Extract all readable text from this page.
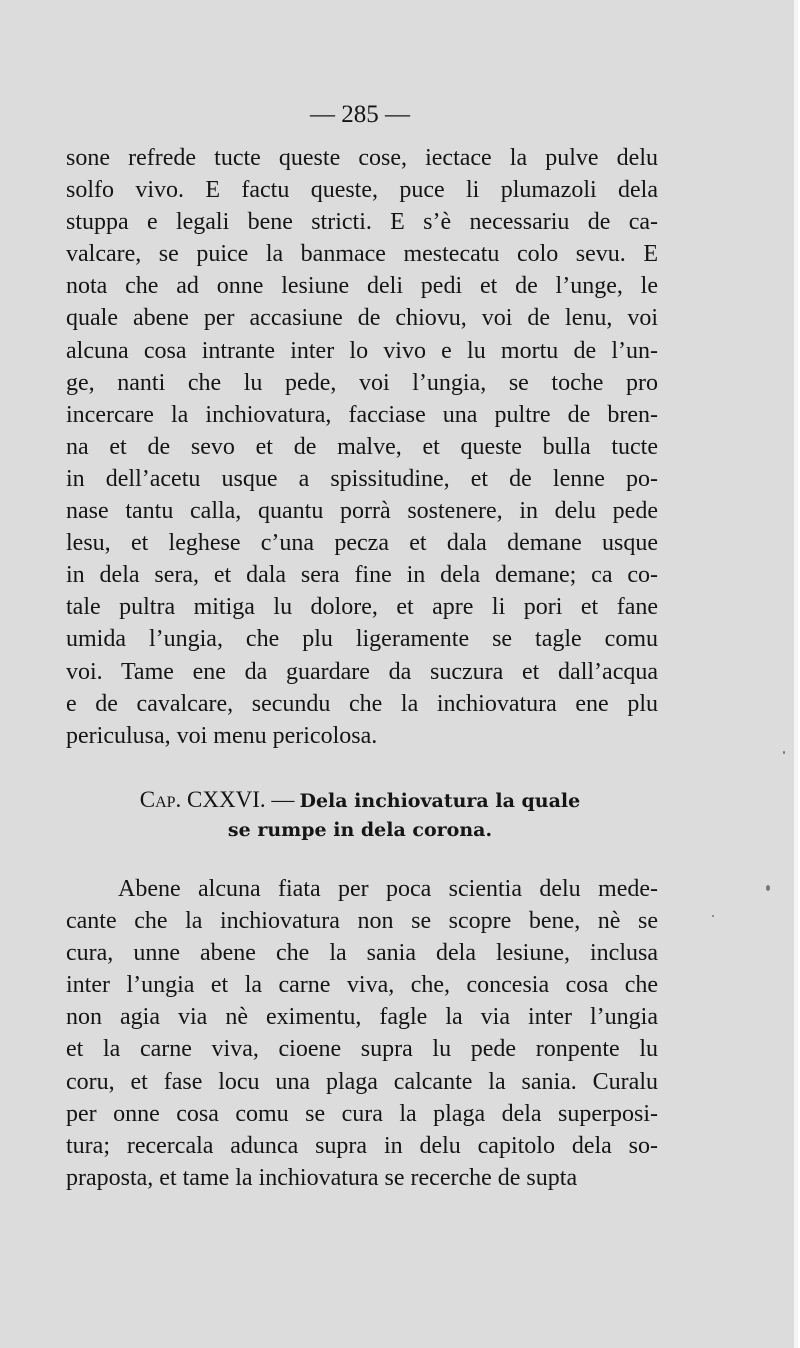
— 285 —
sone refrede tucte queste cose, iectace la pulve delu
solfo vivo. E factu queste, puce li plumazoli dela
stuppa e legali bene stricti. E s’è necessariu de ca-
valcare, se puice la banmace mestecatu colo sevu. E
nota che ad onne lesiune deli pedi et de l’unge, le
quale abene per accasiune de chiovu, voi de lenu, voi
alcuna cosa intrante inter lo vivo e lu mortu de l’un-
ge, nanti che lu pede, voi l’ungia, se toche pro
incercare la inchiovatura, facciase una pultre de bren-
na et de sevo et de malve, et queste bulla tucte
in dell’acetu usque a spissitudine, et de lenne po-
nase tantu calla, quantu porrà sostenere, in delu pede
lesu, et leghese c’una pecza et dala demane usque
in dela sera, et dala sera fine in dela demane; ca co-
tale pultra mitiga lu dolore, et apre li pori et fane
umida l’ungia, che plu ligeramente se tagle comu
voi. Tame ene da guardare da suczura et dall’acqua
e de cavalcare, secundu che la inchiovatura ene plu
periculusa, voi menu pericolosa.
Cap. CXXVI. — Dela inchiovatura la quale
se rumpe in dela corona.
Abene alcuna fiata per poca scientia delu mede-
cante che la inchiovatura non se scopre bene, nè se
cura, unne abene che la sania dela lesiune, inclusa
inter l’ungia et la carne viva, che, concesia cosa che
non agia via nè eximentu, fagle la via inter l’ungia
et la carne viva, cioene supra lu pede ronpente lu
coru, et fase locu una plaga calcante la sania. Curalu
per onne cosa comu se cura la plaga dela superposi-
tura; recercala adunca supra in delu capitolo dela so-
praposta, et tame la inchiovatura se recerche de supta
